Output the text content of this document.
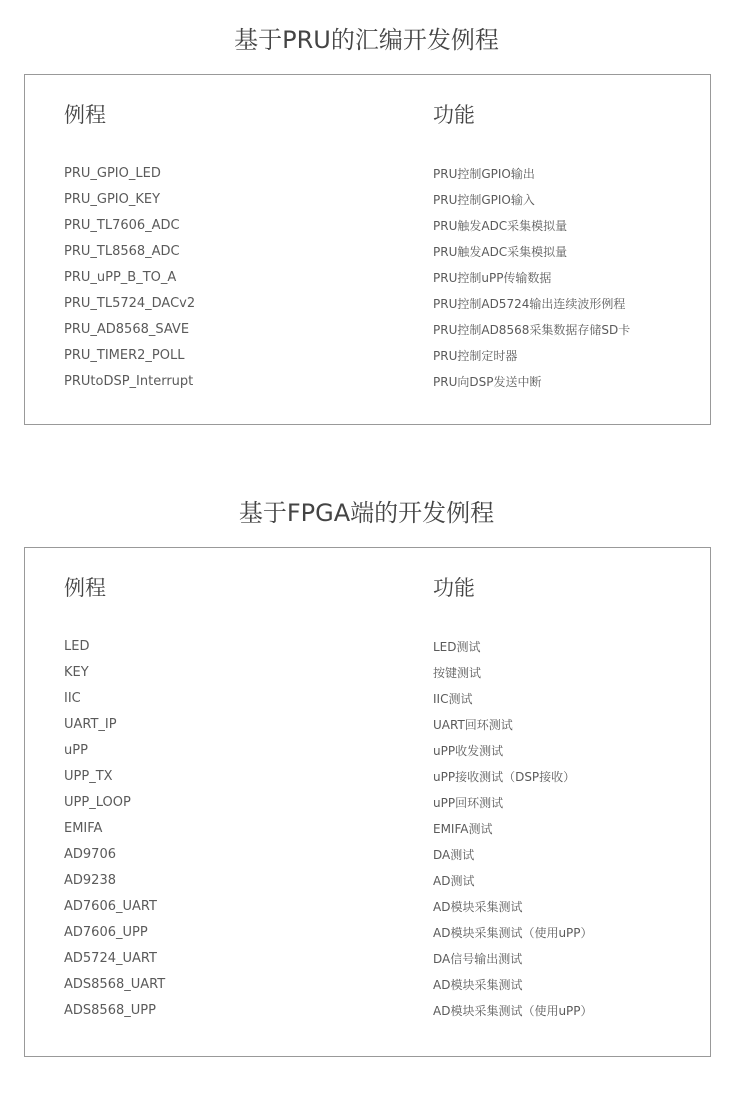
基于PRU的汇编开发例程
例程	功能
PRU_GPIO_LED	PRU控制GPIO输出
PRU_GPIO_KEY	PRU控制GPIO输入
PRU_TL7606_ADC	PRU触发ADC采集模拟量
PRU_TL8568_ADC	PRU触发ADC采集模拟量
PRU_uPP_B_TO_A	PRU控制uPP传输数据
PRU_TL5724_DACv2	PRU控制AD5724输出连续波形例程
PRU_AD8568_SAVE	PRU控制AD8568采集数据存储SD卡
PRU_TIMER2_POLL	PRU控制定时器
PRUtoDSP_Interrupt	PRU向DSP发送中断
基于FPGA端的开发例程
例程	功能
LED	LED测试
KEY	按键测试
IIC	IIC测试
UART_IP	UART回环测试
uPP	uPP收发测试
UPP_TX	uPP接收测试（DSP接收）
UPP_LOOP	uPP回环测试
EMIFA	EMIFA测试
AD9706	DA测试
AD9238	AD测试
AD7606_UART	AD模块采集测试
AD7606_UPP	AD模块采集测试（使用uPP）
AD5724_UART	DA信号输出测试
ADS8568_UART	AD模块采集测试
ADS8568_UPP	AD模块采集测试（使用uPP）
